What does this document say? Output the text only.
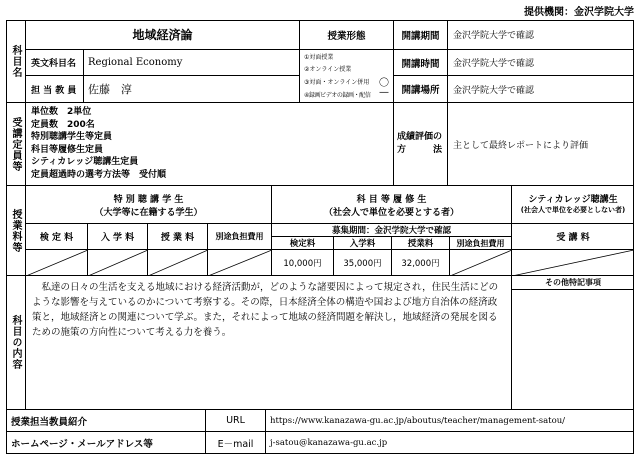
提供機関：金沢学院大学
科目名
地域経済論
英文科目名	Regional Economy
担 当 教 員	佐藤　淳
授業形態
①対面授業
②オンライン授業
③対面・オンライン併用 〇
④録画ビデオの録画・配信 —
開講期間	金沢学院大学で確認
開講時間	金沢学院大学で確認
開講場所	金沢学院大学で確認
受講定員等
単位数　2単位
定員数　200名
特別聴講学生等定員
科目等履修生定員
シティカレッジ聴講生定員
定員超過時の選考方法等　受付順
成績評価の方　　　法	主として最終レポートにより評価
授業料等
特 別 聴 講 学 生
（大学等に在籍する学生）
検 定 料	入 学 料	授 業 料	別途負担費用
科 目 等 履 修 生
（社会人で単位を必要とする者）
募集期間：金沢学院大学で確認
検定料	入学料	授業料	別途負担費用
10,000円	35,000円	32,000円
シティカレッジ聴講生
(社会人で単位を必要としない者)
受 講 料
科目の内容
　私達の日々の生活を支える地域における経済活動が，どのような諸要因によって規定され，住民生活にどのような影響を与えているのかについて考察する。その際，日本経済全体の構造や国および地方自治体の経済政策と，地域経済との関連について学ぶ。また，それによって地域の経済問題を解決し，地域経済の発展を図るための施策の方向性について考える力を養う。
その他特記事項
授業担当教員紹介	URL	https://www.kanazawa-gu.ac.jp/aboutus/teacher/management-satou/
ホームページ・メールアドレス等	E－mail	j-satou@kanazawa-gu.ac.jp
